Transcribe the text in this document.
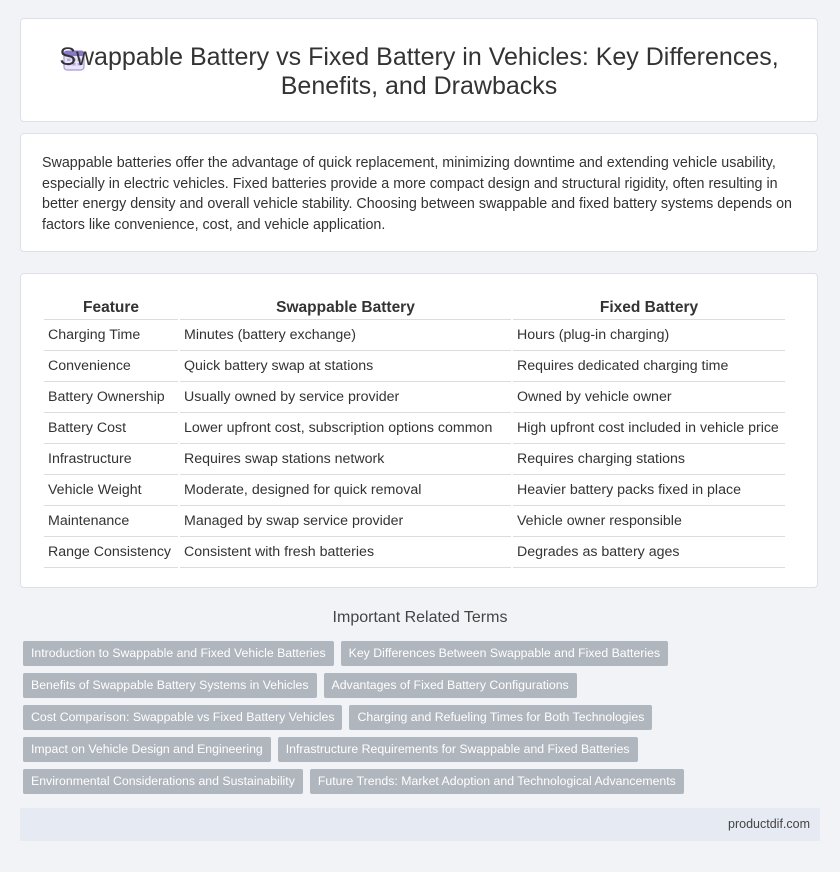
Swappable Battery vs Fixed Battery in Vehicles: Key Differences,
Benefits, and Drawbacks

Swappable batteries offer the advantage of quick replacement, minimizing downtime and extending vehicle usability, especially in electric vehicles. Fixed batteries provide a more compact design and structural rigidity, often resulting in better energy density and overall vehicle stability. Choosing between swappable and fixed battery systems depends on factors like convenience, cost, and vehicle application.

Feature	Swappable Battery	Fixed Battery
Charging Time	Minutes (battery exchange)	Hours (plug-in charging)
Convenience	Quick battery swap at stations	Requires dedicated charging time
Battery Ownership	Usually owned by service provider	Owned by vehicle owner
Battery Cost	Lower upfront cost, subscription options common	High upfront cost included in vehicle price
Infrastructure	Requires swap stations network	Requires charging stations
Vehicle Weight	Moderate, designed for quick removal	Heavier battery packs fixed in place
Maintenance	Managed by swap service provider	Vehicle owner responsible
Range Consistency	Consistent with fresh batteries	Degrades as battery ages
Important Related Terms
Introduction to Swappable and Fixed Vehicle Batteries	Key Differences Between Swappable and Fixed Batteries
Benefits of Swappable Battery Systems in Vehicles	Advantages of Fixed Battery Configurations
Cost Comparison: Swappable vs Fixed Battery Vehicles	Charging and Refueling Times for Both Technologies
Impact on Vehicle Design and Engineering	Infrastructure Requirements for Swappable and Fixed Batteries
Environmental Considerations and Sustainability	Future Trends: Market Adoption and Technological Advancements
productdif.com
